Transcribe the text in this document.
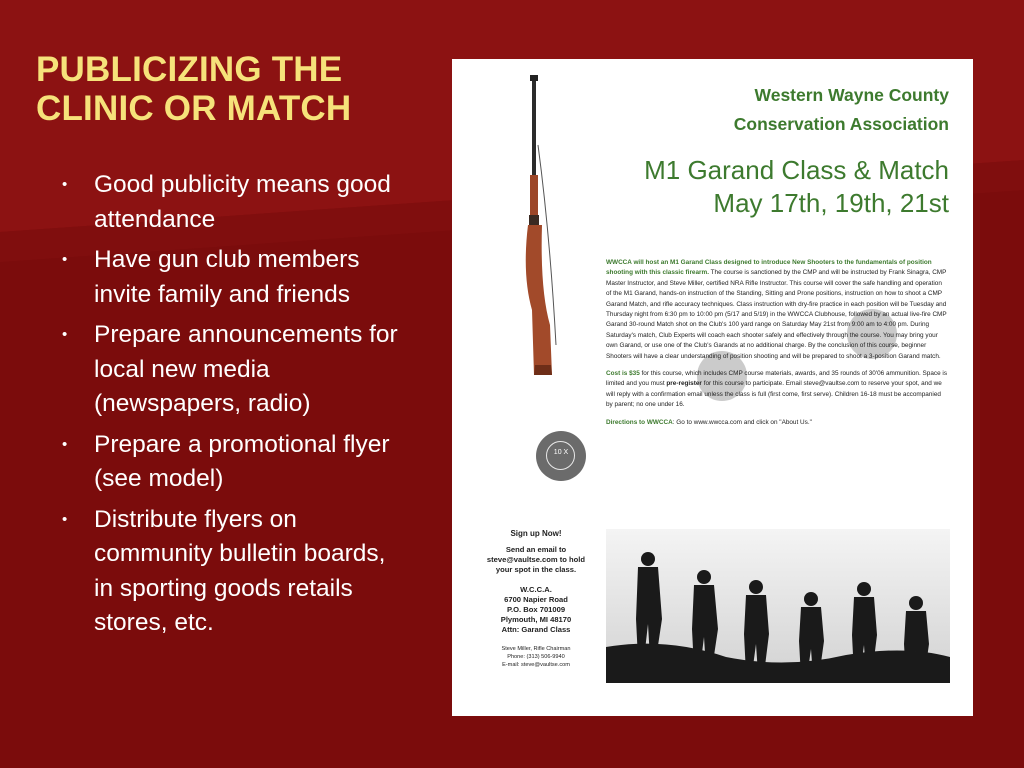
PUBLICIZING THE
CLINIC OR MATCH
• Good publicity means good attendance
• Have gun club members invite family and friends
• Prepare announcements for local new media (newspapers, radio)
• Prepare a promotional flyer (see model)
• Distribute flyers on community bulletin boards, in sporting goods retails stores, etc.
Western Wayne County
Conservation Association
M1 Garand Class & Match
May 17th, 19th, 21st
10 X

WWCCA will host an M1 Garand Class designed to introduce New Shooters to the fundamentals of position shooting with this classic firearm. The course is sanctioned by the CMP and will be instructed by Frank Sinagra, CMP Master Instructor, and Steve Miller, certified NRA Rifle Instructor. This course will cover the safe handling and operation of the M1 Garand, hands-on instruction of the Standing, Sitting and Prone positions, instruction on how to shoot a CMP Garand Match, and rifle accuracy techniques. Class instruction with dry-fire practice in each position will be Tuesday and Thursday night from 6:30 pm to 10:00 pm (5/17 and 5/19) in the WWCCA Clubhouse, followed by an actual live-fire CMP Garand 30-round Match shot on the Club's 100 yard range on Saturday May 21st from 9:00 am to 4:00 pm. During Saturday's match, Club Experts will coach each shooter safely and effectively through the course. You may bring your own Garand, or use one of the Club's Garands at no additional charge. By the conclusion of this course, beginner Shooters will have a clear understanding of position shooting and will be prepared to shoot a 3-position Garand match.

Cost is $35 for this course, which includes CMP course materials, awards, and 35 rounds of 30'06 ammunition. Space is limited and you must pre-register for this course to participate. Email steve@vaultse.com to reserve your spot, and we will reply with a confirmation email unless the class is full (first come, first serve). Children 16-18 must be accompanied by parent; no one under 16.

Directions to WWCCA: Go to www.wwcca.com and click on "About Us."

Sign up Now!
Send an email to
steve@vaultse.com to hold
your spot in the class.
W.C.C.A.
6700 Napier Road
P.O. Box 701009
Plymouth, MI 48170
Attn: Garand Class
Steve Miller, Rifle Chairman
Phone: (313) 506-9940
E-mail: steve@vaultse.com
